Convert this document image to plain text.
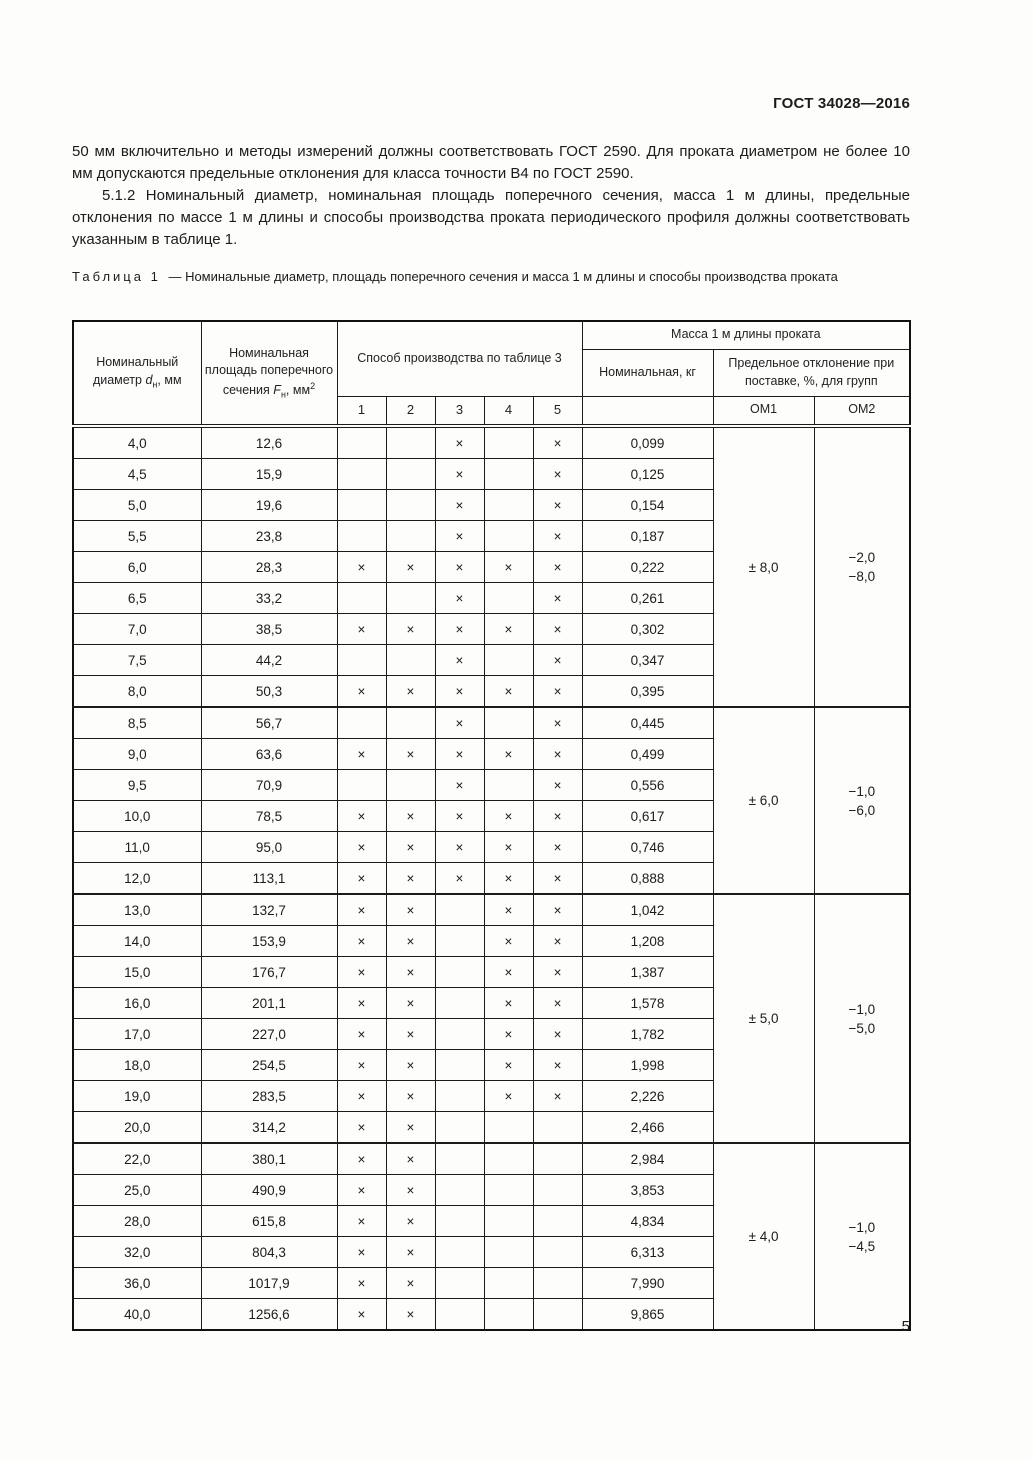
ГОСТ 34028—2016

50 мм включительно и методы измерений должны соответствовать ГОСТ 2590. Для проката диаметром не более 10 мм допускаются предельные отклонения для класса точности В4 по ГОСТ 2590.

5.1.2 Номинальный диаметр, номинальная площадь поперечного сечения, масса 1 м длины, предельные отклонения по массе 1 м длины и способы производства проката периодического профиля должны соответствовать указанным в таблице 1.

Таблица 1 — Номинальные диаметр, площадь поперечного сечения и масса 1 м длины и способы производства проката
Номинальный диаметр $d_н$, мм	Номинальная площадь поперечного сечения $F_н$, $мм^2$	Способ производства по таблице 3					Масса 1 м длины проката		
							Номинальная, кг	Предельное отклонение при поставке, %, для групп	
		1	2	3	4	5		ОМ1	ОМ2
4,0	12,6			×		×	0,099	± 8,0	−2,0
−8,0

4,5	15,9			×		×	0,125		
5,0	19,6			×		×	0,154		
5,5	23,8			×		×	0,187		
6,0	28,3	×	×	×	×	×	0,222		
6,5	33,2			×		×	0,261		
7,0	38,5	×	×	×	×	×	0,302		
7,5	44,2			×		×	0,347		
8,0	50,3	×	×	×	×	×	0,395		
8,5	56,7			×		×	0,445	± 6,0	−1,0
−6,0

9,0	63,6	×	×	×	×	×	0,499		
9,5	70,9			×		×	0,556		
10,0	78,5	×	×	×	×	×	0,617		
11,0	95,0	×	×	×	×	×	0,746		
12,0	113,1	×	×	×	×	×	0,888		
13,0	132,7	×	×		×	×	1,042	± 5,0	−1,0
−5,0

14,0	153,9	×	×		×	×	1,208		
15,0	176,7	×	×		×	×	1,387		
16,0	201,1	×	×		×	×	1,578		
17,0	227,0	×	×		×	×	1,782		
18,0	254,5	×	×		×	×	1,998		
19,0	283,5	×	×		×	×	2,226		
20,0	314,2	×	×				2,466		
22,0	380,1	×	×				2,984	± 4,0	−1,0
−4,5

25,0	490,9	×	×				3,853		
28,0	615,8	×	×				4,834		
32,0	804,3	×	×				6,313		
36,0	1017,9	×	×				7,990		
40,0	1256,6	×	×				9,865		
5
